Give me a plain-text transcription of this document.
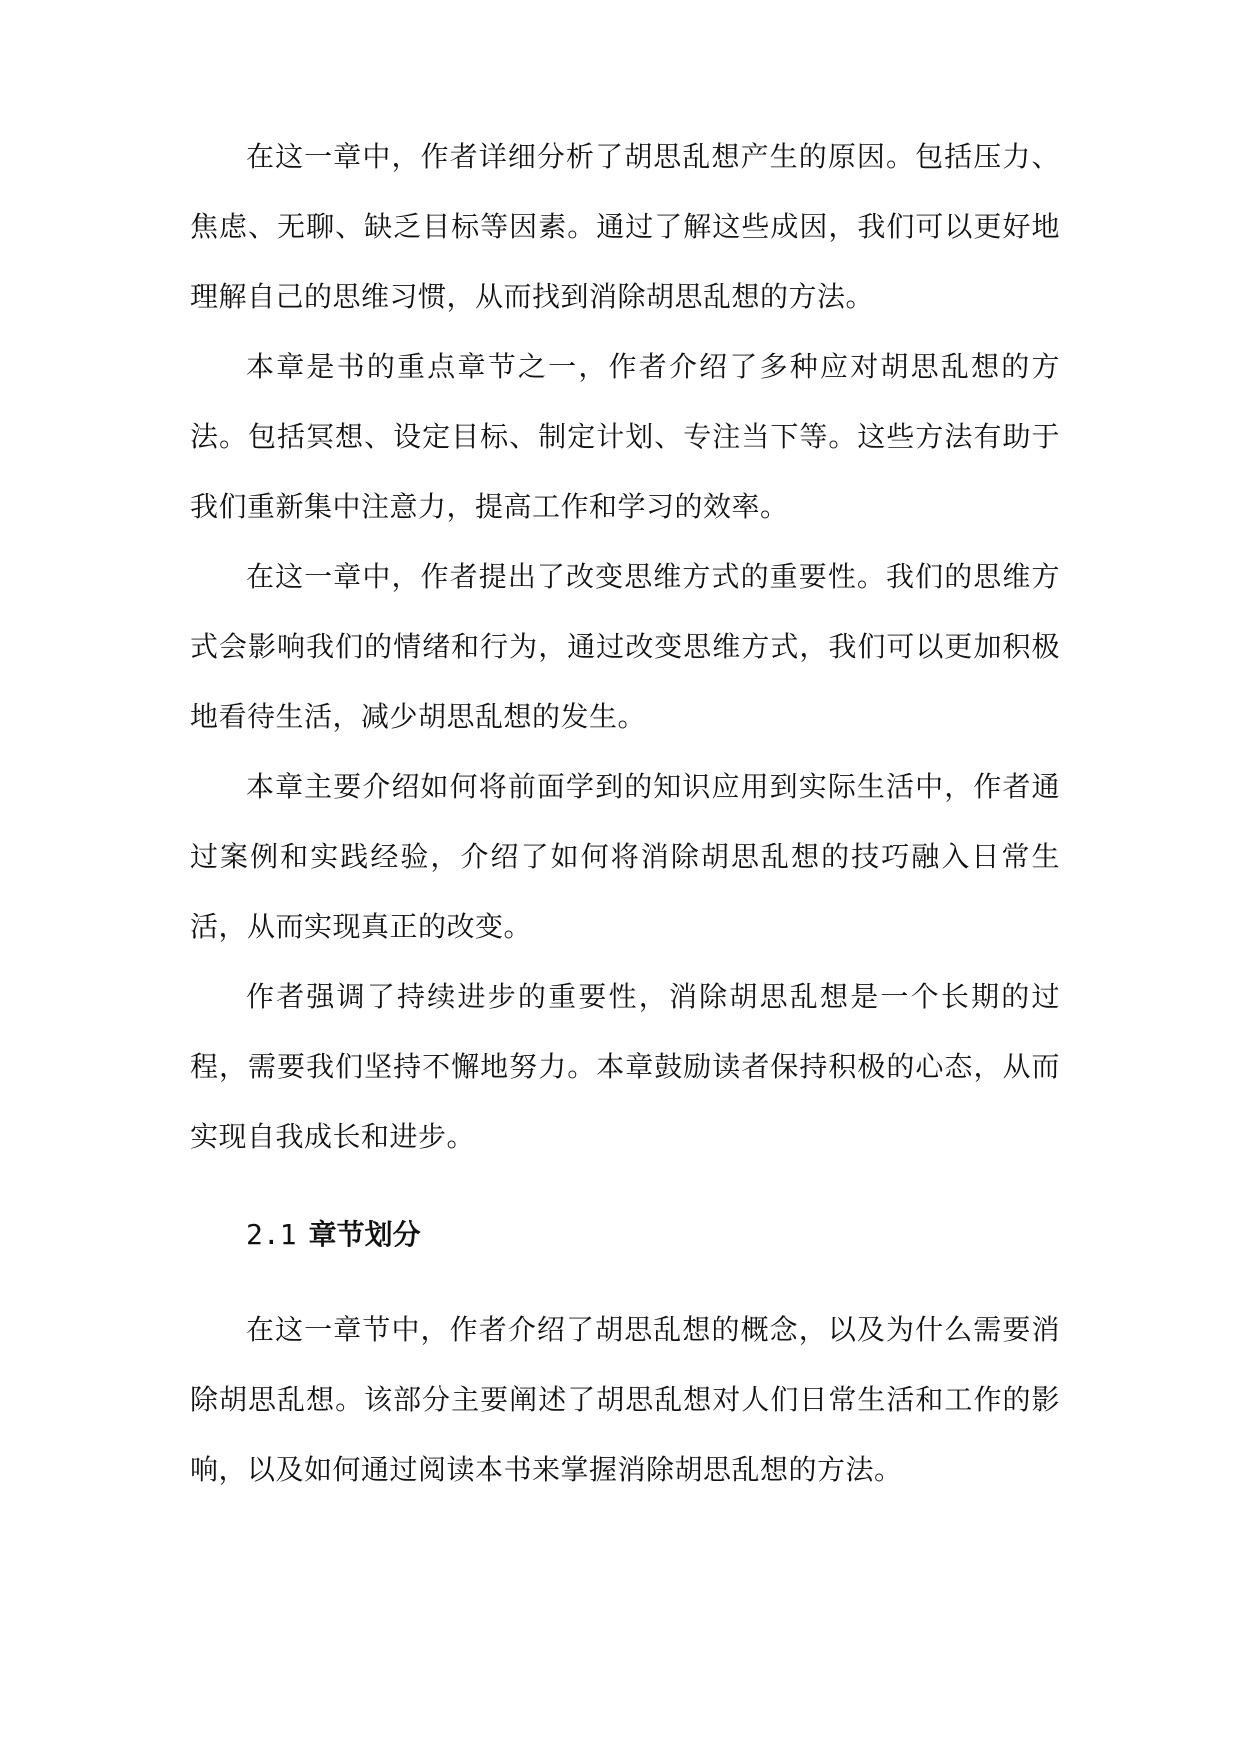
在这一章中，作者详细分析了胡思乱想产生的原因。包括压力、焦虑、无聊、缺乏目标等因素。通过了解这些成因，我们可以更好地理解自己的思维习惯，从而找到消除胡思乱想的方法。

本章是书的重点章节之一，作者介绍了多种应对胡思乱想的方法。包括冥想、设定目标、制定计划、专注当下等。这些方法有助于我们重新集中注意力，提高工作和学习的效率。

在这一章中，作者提出了改变思维方式的重要性。我们的思维方式会影响我们的情绪和行为，通过改变思维方式，我们可以更加积极地看待生活，减少胡思乱想的发生。

本章主要介绍如何将前面学到的知识应用到实际生活中，作者通过案例和实践经验，介绍了如何将消除胡思乱想的技巧融入日常生活，从而实现真正的改变。

作者强调了持续进步的重要性，消除胡思乱想是一个长期的过程，需要我们坚持不懈地努力。本章鼓励读者保持积极的心态，从而实现自我成长和进步。

2.1 章节划分

在这一章节中，作者介绍了胡思乱想的概念，以及为什么需要消除胡思乱想。该部分主要阐述了胡思乱想对人们日常生活和工作的影响，以及如何通过阅读本书来掌握消除胡思乱想的方法。
